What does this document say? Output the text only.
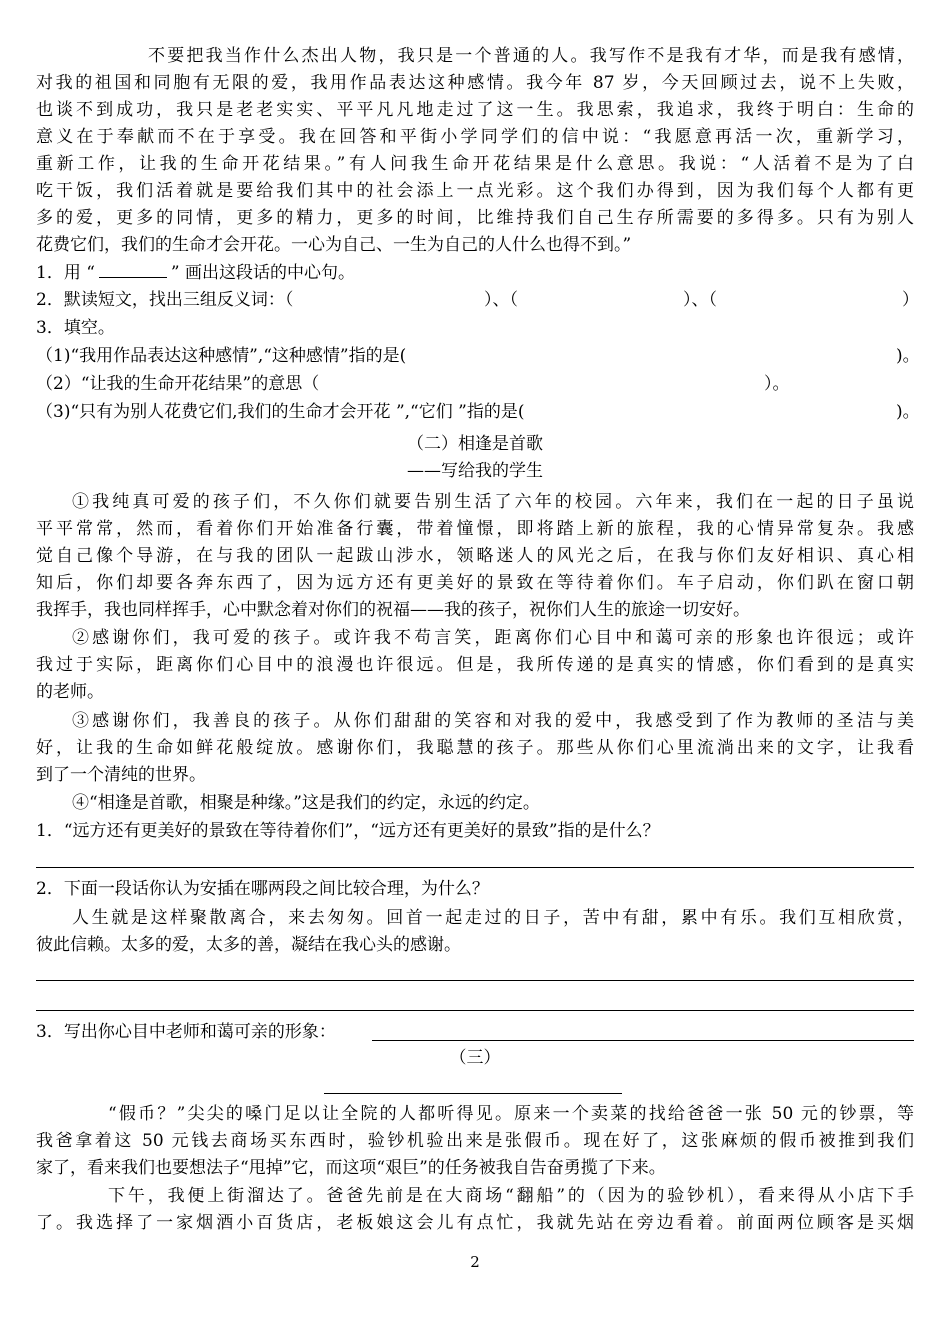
不要把我当作什么杰出人物，我只是一个普通的人。我写作不是我有才华，而是我有感情，
对我的祖国和同胞有无限的爱，我用作品表达这种感情。我今年 87 岁，今天回顾过去，说不上失败，
也谈不到成功，我只是老老实实、平平凡凡地走过了这一生。我思索，我追求，我终于明白：生命的
意义在于奉献而不在于享受。我在回答和平街小学同学们的信中说：“我愿意再活一次，重新学习，
重新工作，让我的生命开花结果。”有人问我生命开花结果是什么意思。我说：“人活着不是为了白
吃干饭，我们活着就是要给我们其中的社会添上一点光彩。这个我们办得到，因为我们每个人都有更
多的爱，更多的同情，更多的精力，更多的时间，比维持我们自己生存所需要的多得多。只有为别人
花费它们，我们的生命才会开花。一心为自己、一生为自己的人什么也得不到。”
1．用 “	” 画出这段话的中心句。
2．默读短文，找出三组反义词：（	）、（	）、（	）
3．填空。
（1)“我用作品表达这种感情”,“这种感情”指的是(	)。
（2）“让我的生命开花结果”的意思（	）。
（3)“只有为别人花费它们,我们的生命才会开花 ”,“它们 ”指的是(	)。
（二）相逢是首歌
——写给我的学生
①我纯真可爱的孩子们，不久你们就要告别生活了六年的校园。六年来，我们在一起的日子虽说
平平常常，然而，看着你们开始准备行囊，带着憧憬，即将踏上新的旅程，我的心情异常复杂。我感
觉自己像个导游，在与我的团队一起跋山涉水，领略迷人的风光之后，在我与你们友好相识、真心相
知后，你们却要各奔东西了，因为远方还有更美好的景致在等待着你们。车子启动，你们趴在窗口朝
我挥手，我也同样挥手，心中默念着对你们的祝福——我的孩子，祝你们人生的旅途一切安好。
②感谢你们，我可爱的孩子。或许我不苟言笑，距离你们心目中和蔼可亲的形象也许很远；或许
我过于实际，距离你们心目中的浪漫也许很远。但是，我所传递的是真实的情感，你们看到的是真实
的老师。
③感谢你们，我善良的孩子。从你们甜甜的笑容和对我的爱中，我感受到了作为教师的圣洁与美
好，让我的生命如鲜花般绽放。感谢你们，我聪慧的孩子。那些从你们心里流淌出来的文字，让我看
到了一个清纯的世界。
④“相逢是首歌，相聚是种缘。”这是我们的约定，永远的约定。
1．“远方还有更美好的景致在等待着你们”，“远方还有更美好的景致”指的是什么？
2．下面一段话你认为安插在哪两段之间比较合理，为什么？
人生就是这样聚散离合，来去匆匆。回首一起走过的日子，苦中有甜，累中有乐。我们互相欣赏，
彼此信赖。太多的爱，太多的善，凝结在我心头的感谢。
3．写出你心目中老师和蔼可亲的形象：
（三）
“假币？”尖尖的嗓门足以让全院的人都听得见。原来一个卖菜的找给爸爸一张 50 元的钞票，等
我爸拿着这 50 元钱去商场买东西时，验钞机验出来是张假币。现在好了，这张麻烦的假币被推到我们
家了，看来我们也要想法子“甩掉”它，而这项“艰巨”的任务被我自告奋勇揽了下来。
下午，我便上街溜达了。爸爸先前是在大商场“翻船”的（因为的验钞机），看来得从小店下手
了。我选择了一家烟酒小百货店，老板娘这会儿有点忙，我就先站在旁边看着。前面两位顾客是买烟
2
